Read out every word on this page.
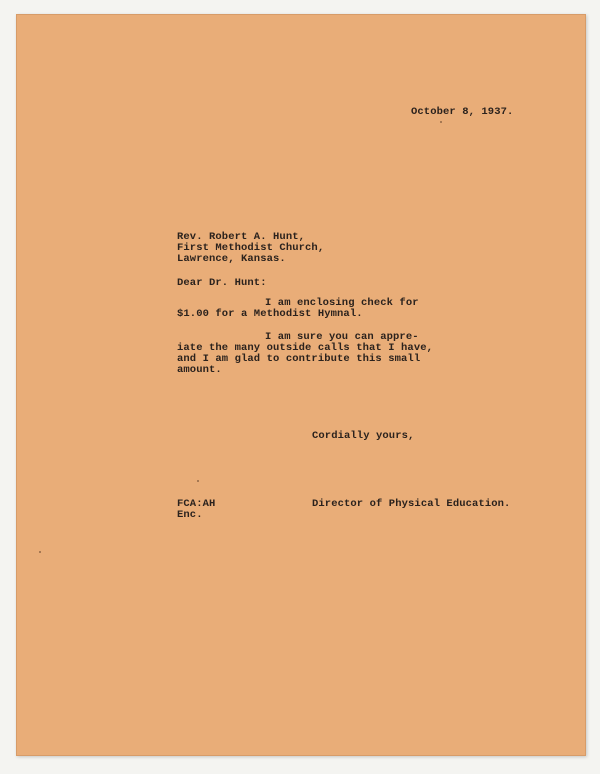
October 8, 1937.

Rev. Robert A. Hunt,

First Methodist Church,

Lawrence, Kansas.

Dear Dr. Hunt:

I am enclosing check for

$1.00 for a Methodist Hymnal.

I am sure you can appre-

iate the many outside calls that I have,

and I am glad to contribute this small

amount.

Cordially yours,

FCA:AH

Enc.

Director of Physical Education.
